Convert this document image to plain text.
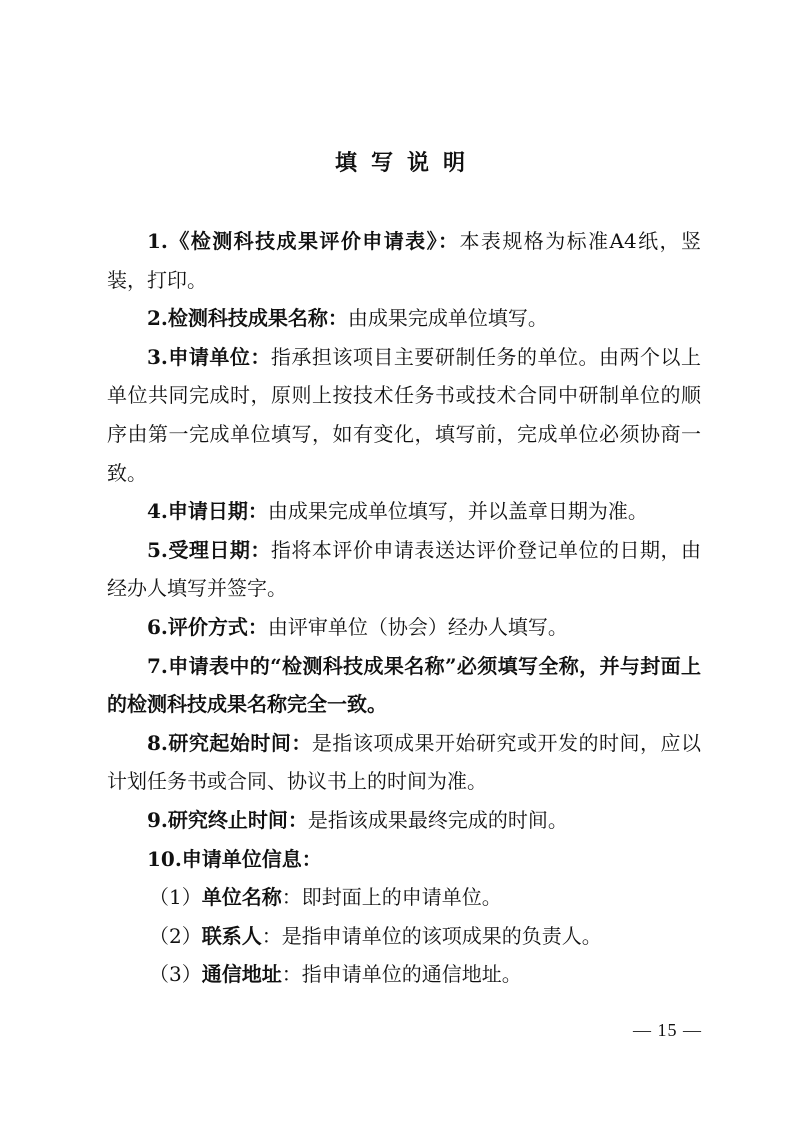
填写说明

1.《检测科技成果评价申请表》：本表规格为标准A4纸，竖装，打印。

2.检测科技成果名称：由成果完成单位填写。

3.申请单位：指承担该项目主要研制任务的单位。由两个以上单位共同完成时，原则上按技术任务书或技术合同中研制单位的顺序由第一完成单位填写，如有变化，填写前，完成单位必须协商一致。

4.申请日期：由成果完成单位填写，并以盖章日期为准。

5.受理日期：指将本评价申请表送达评价登记单位的日期，由经办人填写并签字。

6.评价方式：由评审单位（协会）经办人填写。

7.申请表中的“检测科技成果名称”必须填写全称，并与封面上的检测科技成果名称完全一致。

8.研究起始时间：是指该项成果开始研究或开发的时间，应以计划任务书或合同、协议书上的时间为准。

9.研究终止时间：是指该成果最终完成的时间。

10.申请单位信息：

（1）单位名称：即封面上的申请单位。

（2）联系人：是指申请单位的该项成果的负责人。

（3）通信地址：指申请单位的通信地址。

— 15 —
